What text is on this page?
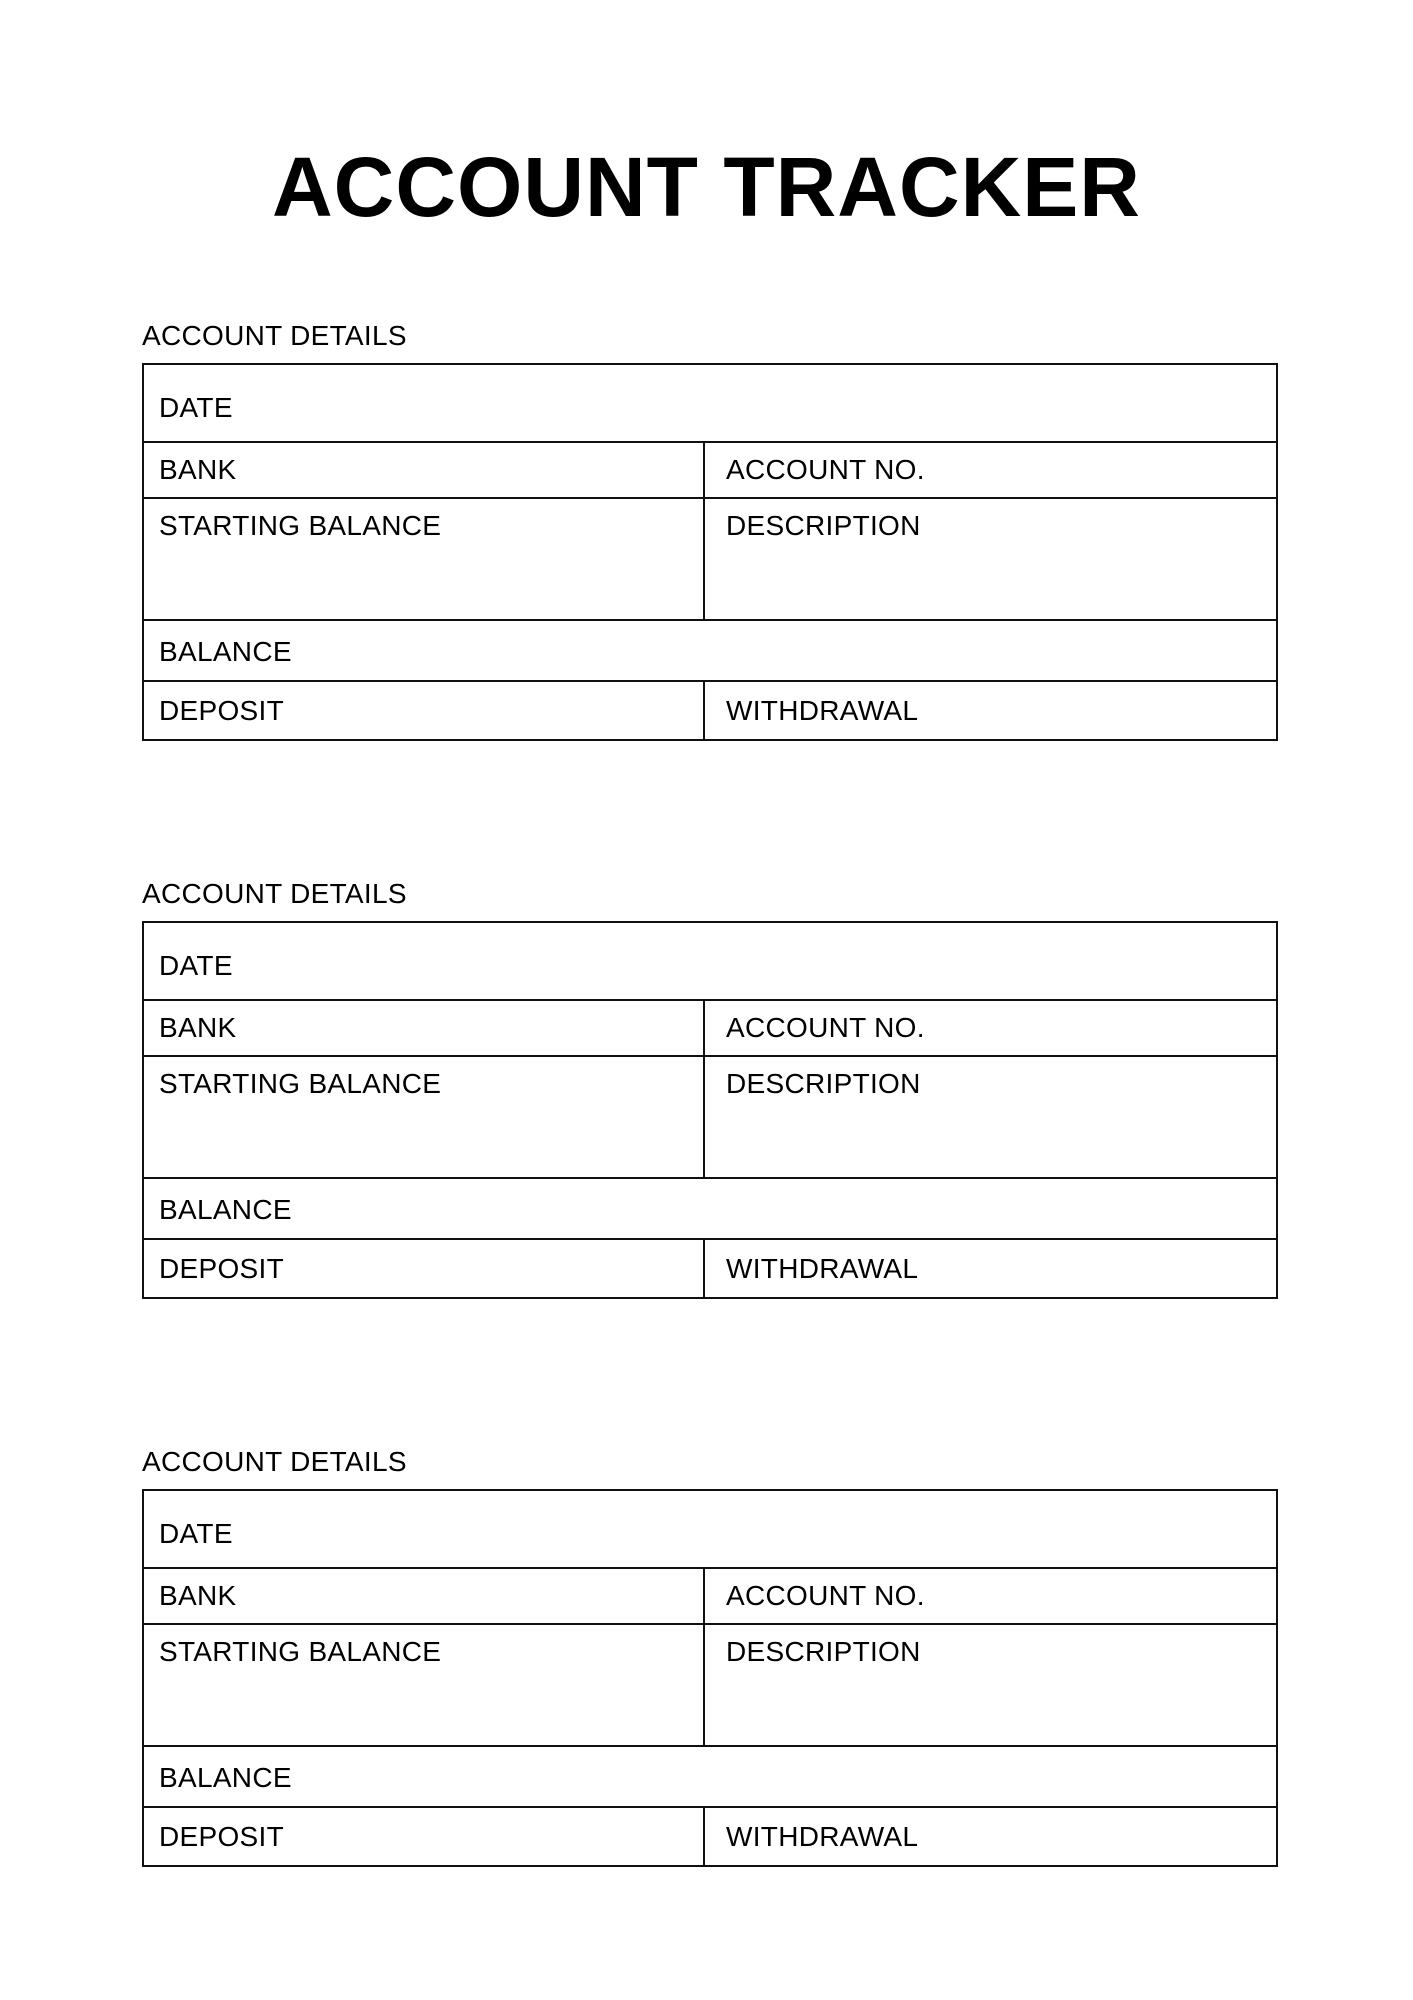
ACCOUNT TRACKER
ACCOUNT DETAILS
DATE
BANK	ACCOUNT NO.
STARTING BALANCE	DESCRIPTION
BALANCE
DEPOSIT	WITHDRAWAL
ACCOUNT DETAILS
DATE
BANK	ACCOUNT NO.
STARTING BALANCE	DESCRIPTION
BALANCE
DEPOSIT	WITHDRAWAL
ACCOUNT DETAILS
DATE
BANK	ACCOUNT NO.
STARTING BALANCE	DESCRIPTION
BALANCE
DEPOSIT	WITHDRAWAL
